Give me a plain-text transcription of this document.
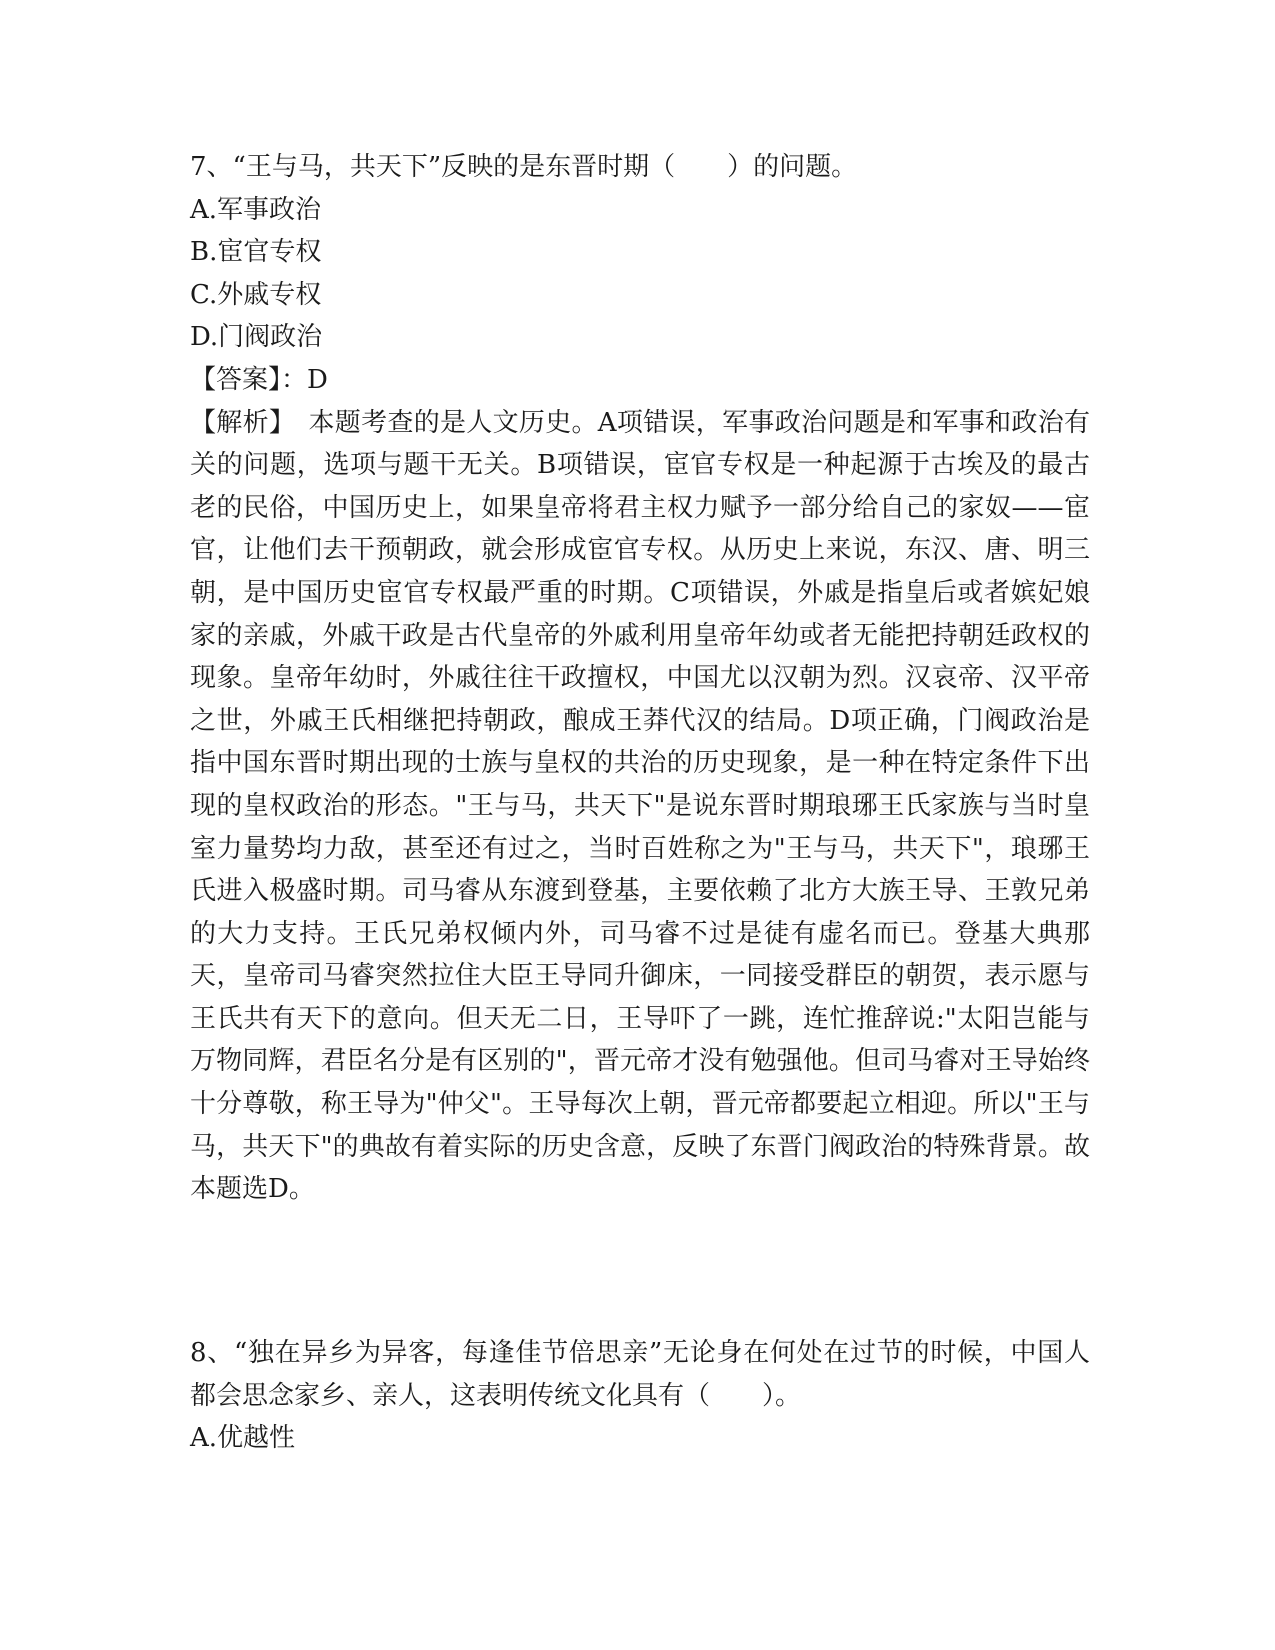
7、“王与马，共天下”反映的是东晋时期（　　）的问题。

A.军事政治

B.宦官专权

C.外戚专权

D.门阀政治

【答案】：D

【解析】　本题考查的是人文历史。A项错误，军事政治问题是和军事和政治有关的问题，选项与题干无关。B项错误，宦官专权是一种起源于古埃及的最古老的民俗，中国历史上，如果皇帝将君主权力赋予一部分给自己的家奴——宦官，让他们去干预朝政，就会形成宦官专权。从历史上来说，东汉、唐、明三朝，是中国历史宦官专权最严重的时期。C项错误，外戚是指皇后或者嫔妃娘家的亲戚，外戚干政是古代皇帝的外戚利用皇帝年幼或者无能把持朝廷政权的现象。皇帝年幼时，外戚往往干政擅权，中国尤以汉朝为烈。汉哀帝、汉平帝之世，外戚王氏相继把持朝政，酿成王莽代汉的结局。D项正确，门阀政治是指中国东晋时期出现的士族与皇权的共治的历史现象，是一种在特定条件下出现的皇权政治的形态。"王与马，共天下"是说东晋时期琅琊王氏家族与当时皇室力量势均力敌，甚至还有过之，当时百姓称之为"王与马，共天下"，琅琊王氏进入极盛时期。司马睿从东渡到登基，主要依赖了北方大族王导、王敦兄弟的大力支持。王氏兄弟权倾内外，司马睿不过是徒有虚名而已。登基大典那天，皇帝司马睿突然拉住大臣王导同升御床，一同接受群臣的朝贺，表示愿与王氏共有天下的意向。但天无二日，王导吓了一跳，连忙推辞说:"太阳岂能与万物同辉，君臣名分是有区别的"，晋元帝才没有勉强他。但司马睿对王导始终十分尊敬，称王导为"仲父"。王导每次上朝，晋元帝都要起立相迎。所以"王与马，共天下"的典故有着实际的历史含意，反映了东晋门阀政治的特殊背景。故本题选D。

8、“独在异乡为异客，每逢佳节倍思亲”无论身在何处在过节的时候，中国人都会思念家乡、亲人，这表明传统文化具有（　　）。

A.优越性
